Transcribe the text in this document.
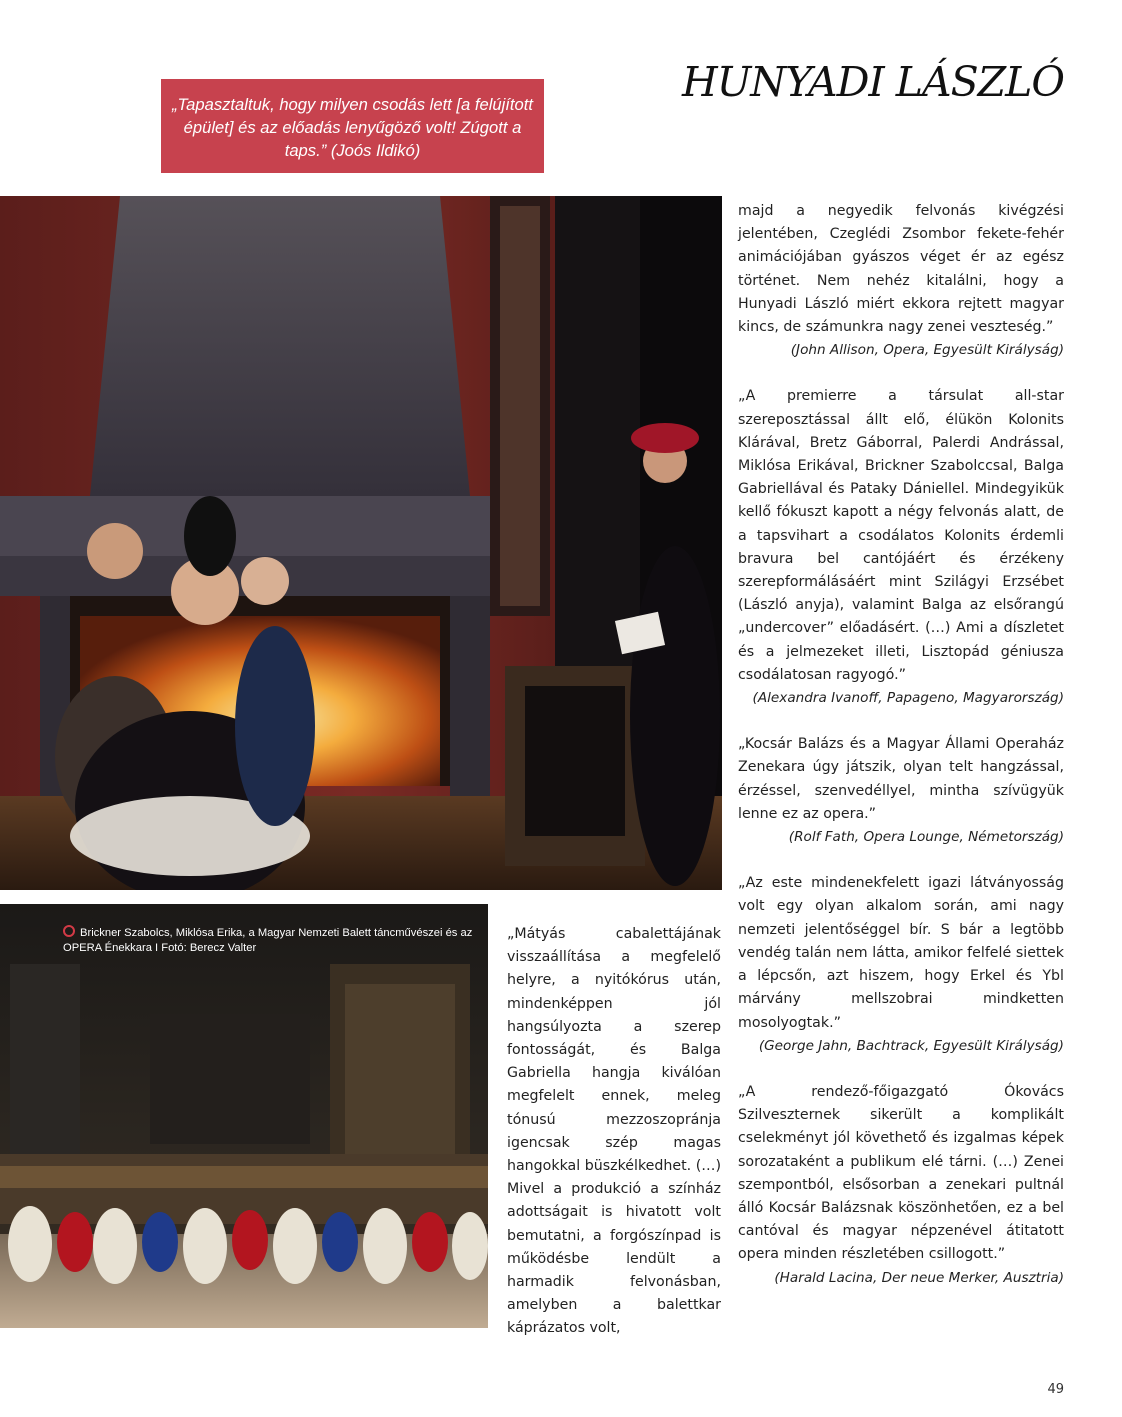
HUNYADI LÁSZLÓ

„Tapasztaltuk, hogy milyen csodás lett [a felújított épület] és az előadás lenyűgöző volt! Zúgott a taps.” (Joós Ildikó)

Brickner Szabolcs, Miklósa Erika, a Magyar Nemzeti Balett táncművészei és az OPERA Énekkara I Fotó: Berecz Valter

majd a negyedik felvonás kivégzési jelentében, Czeglédi Zsombor fekete-fehér animációjában gyászos véget ér az egész történet. Nem nehéz kitalálni, hogy a Hunyadi László miért ekkora rejtett magyar kincs, de számunkra nagy zenei veszteség.”

(John Allison, Opera, Egyesült Királyság)

„A premierre a társulat all-star szereposztással állt elő, élükön Kolonits Klárával, Bretz Gáborral, Palerdi Andrással, Miklósa Erikával, Brickner Szabolccsal, Balga Gabriellával és Pataky Dániellel. Mindegyikük kellő fókuszt kapott a négy felvonás alatt, de a tapsvihart a csodálatos Kolonits érdemli bravura bel cantójáért és érzékeny szerepformálásáért mint Szilágyi Erzsébet (László anyja), valamint Balga az elsőrangú „undercover” előadásért. (…) Ami a díszletet és a jelmezeket illeti, Lisztopád géniusza csodálatosan ragyogó.”

(Alexandra Ivanoff, Papageno, Magyarország)

„Kocsár Balázs és a Magyar Állami Operaház Zenekara úgy játszik, olyan telt hangzással, érzéssel, szenvedéllyel, mintha szívügyük lenne ez az opera.”

(Rolf Fath, Opera Lounge, Németország)

„Az este mindenekfelett igazi látványosság volt egy olyan alkalom során, ami nagy nemzeti jelentőséggel bír. S bár a legtöbb vendég talán nem látta, amikor felfelé siettek a lépcsőn, azt hiszem, hogy Erkel és Ybl márvány mellszobrai mindketten mosolyogtak.”

(George Jahn, Bachtrack, Egyesült Királyság)

„A rendező-főigazgató Ókovács Szilveszternek sikerült a komplikált cselekményt jól követhető és izgalmas képek sorozataként a publikum elé tárni. (…) Zenei szempontból, elsősorban a zenekari pultnál álló Kocsár Balázsnak köszönhetően, ez a bel cantóval és magyar népzenével átitatott opera minden részletében csillogott.”

(Harald Lacina, Der neue Merker, Ausztria)

„Mátyás cabalettájának visszaállítása a megfelelő helyre, a nyitókórus után, mindenképpen jól hangsúlyozta a szerep fontosságát, és Balga Gabriella hangja kiválóan megfelelt ennek, meleg tónusú mezzoszopránja igencsak szép magas hangokkal büszkélkedhet. (…) Mivel a produkció a színház adottságait is hivatott volt bemutatni, a forgószínpad is működésbe lendült a harmadik felvonásban, amelyben a balettkar káprázatos volt,

49
